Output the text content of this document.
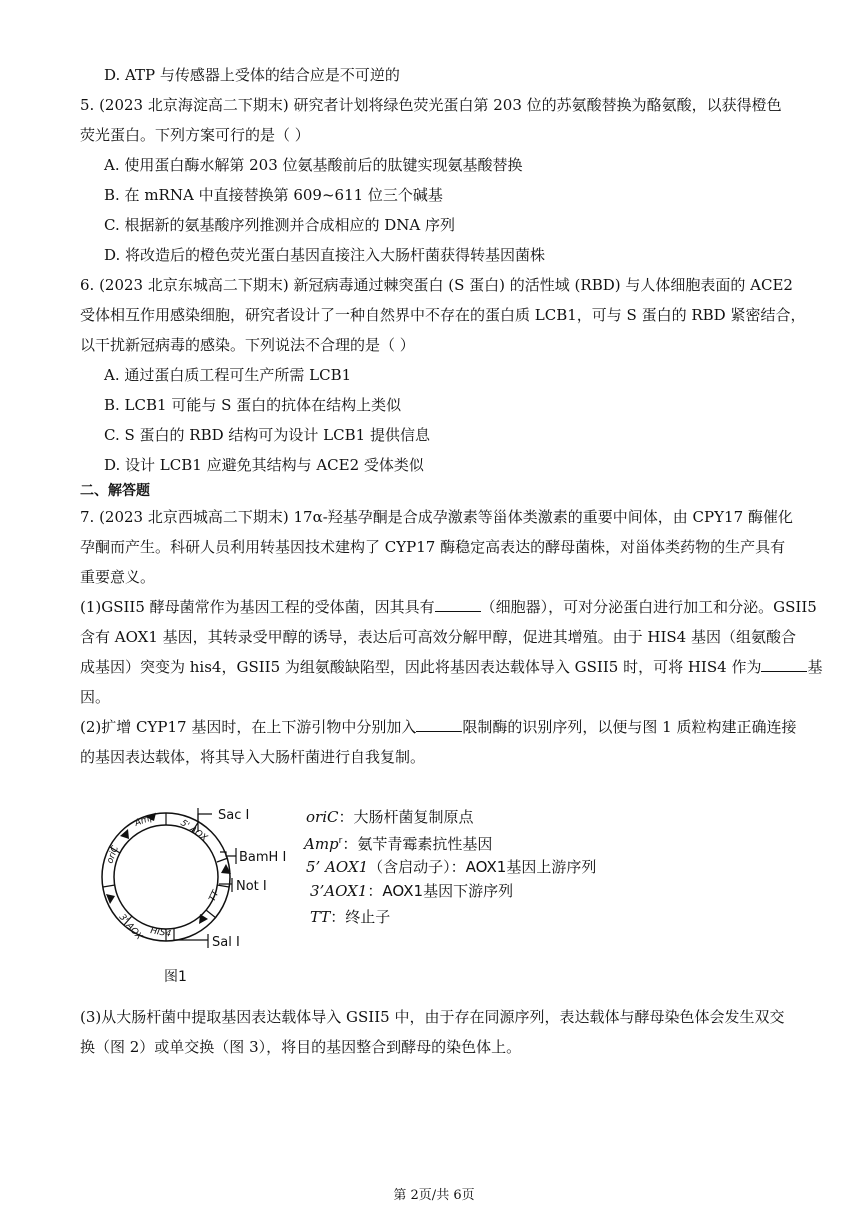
D. ATP 与传感器上受体的结合应是不可逆的
5. (2023 北京海淀高二下期末) 研究者计划将绿色荧光蛋白第 203 位的苏氨酸替换为酪氨酸，以获得橙色
荧光蛋白。下列方案可行的是（ ）
A. 使用蛋白酶水解第 203 位氨基酸前后的肽键实现氨基酸替换
B. 在 mRNA 中直接替换第 609~611 位三个碱基
C. 根据新的氨基酸序列推测并合成相应的 DNA 序列
D. 将改造后的橙色荧光蛋白基因直接注入大肠杆菌获得转基因菌株
6. (2023 北京东城高二下期末) 新冠病毒通过棘突蛋白 (S 蛋白) 的活性域 (RBD) 与人体细胞表面的 ACE2
受体相互作用感染细胞，研究者设计了一种自然界中不存在的蛋白质 LCB1，可与 S 蛋白的 RBD 紧密结合，
以干扰新冠病毒的感染。下列说法不合理的是（ ）
A. 通过蛋白质工程可生产所需 LCB1
B. LCB1 可能与 S 蛋白的抗体在结构上类似
C. S 蛋白的 RBD 结构可为设计 LCB1 提供信息
D. 设计 LCB1 应避免其结构与 ACE2 受体类似
二、解答题
7. (2023 北京西城高二下期末) 17α-羟基孕酮是合成孕激素等甾体类激素的重要中间体，由 CPY17 酶催化
孕酮而产生。科研人员利用转基因技术建构了 CYP17 酶稳定高表达的酵母菌株，对甾体类药物的生产具有
重要意义。
(1)GSII5 酵母菌常作为基因工程的受体菌，因其具有	（细胞器），可对分泌蛋白进行加工和分泌。GSII5
含有 AOX1 基因，其转录受甲醇的诱导，表达后可高效分解甲醇，促进其增殖。由于 HIS4 基因（组氨酸合
成基因）突变为 his4，GSII5 为组氨酸缺陷型，因此将基因表达载体导入 GSII5 时，可将 HIS4 作为	基
因。
(2)扩增 CYP17 基因时，在上下游引物中分别加入	限制酶的识别序列，以便与图 1 质粒构建正确连接
的基因表达载体，将其导入大肠杆菌进行自我复制。
Ampʳ 5' AOX
oriC
3' AOX
TT
HIS4
Sac I
BamH I
Not I
Sal I
图1
oriC：大肠杆菌复制原点
Amp$^r$：氨苄青霉素抗性基因
5’ AOX1（含启动子）：AOX1基因上游序列
3’AOX1：AOX1基因下游序列
TT：终止子
(3)从大肠杆菌中提取基因表达载体导入 GSII5 中，由于存在同源序列，表达载体与酵母染色体会发生双交
换（图 2）或单交换（图 3），将目的基因整合到酵母的染色体上。
第 2页/共 6页
